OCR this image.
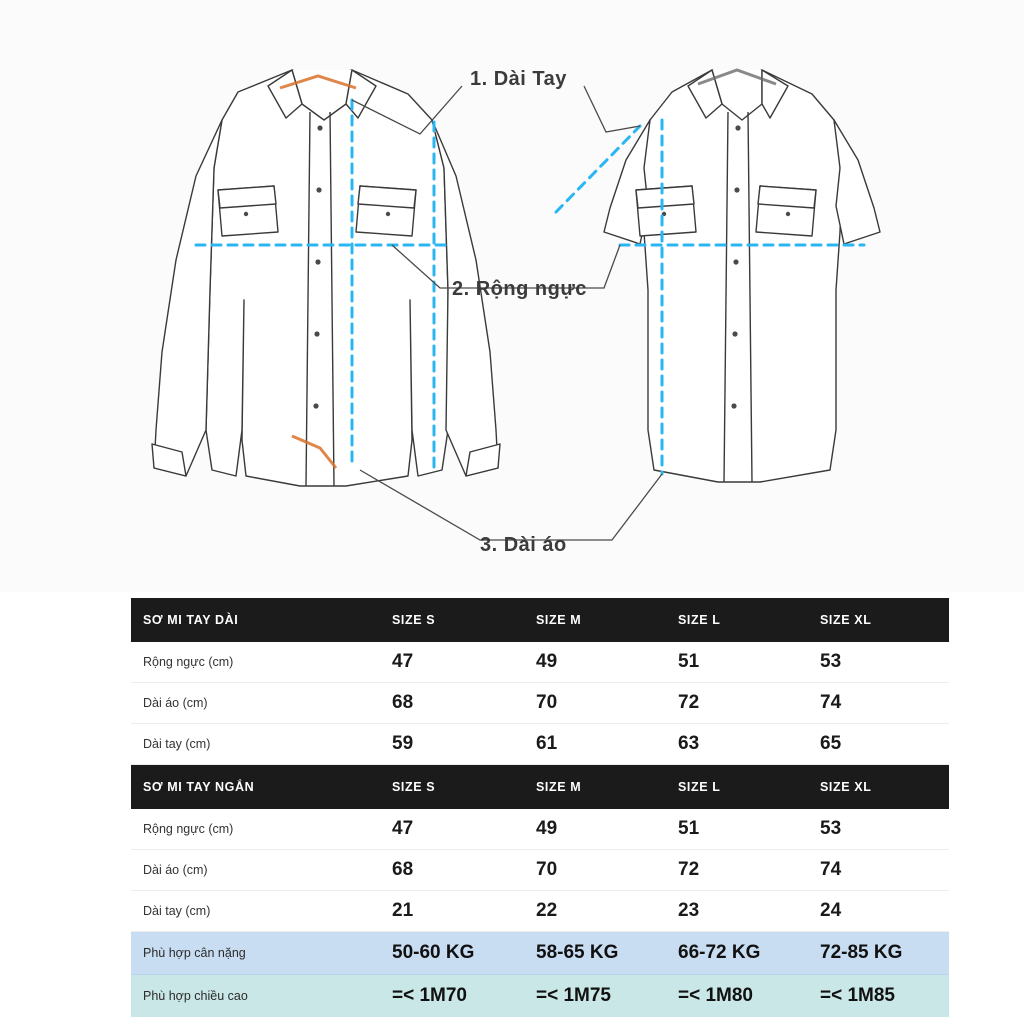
1. Dài Tay
2. Rộng ngực
3. Dài áo
SƠ MI TAY DÀI	SIZE S	SIZE M	SIZE L	SIZE XL
Rộng ngực (cm)	47	49	51	53
Dài áo (cm)	68	70	72	74
Dài tay (cm)	59	61	63	65
SƠ MI TAY NGẮN	SIZE S	SIZE M	SIZE L	SIZE XL
Rộng ngực (cm)	47	49	51	53
Dài áo (cm)	68	70	72	74
Dài tay (cm)	21	22	23	24
Phù hợp cân nặng	50-60 KG	58-65 KG	66-72 KG	72-85 KG
Phù hợp chiều cao	=< 1M70	=< 1M75	=< 1M80	=< 1M85
